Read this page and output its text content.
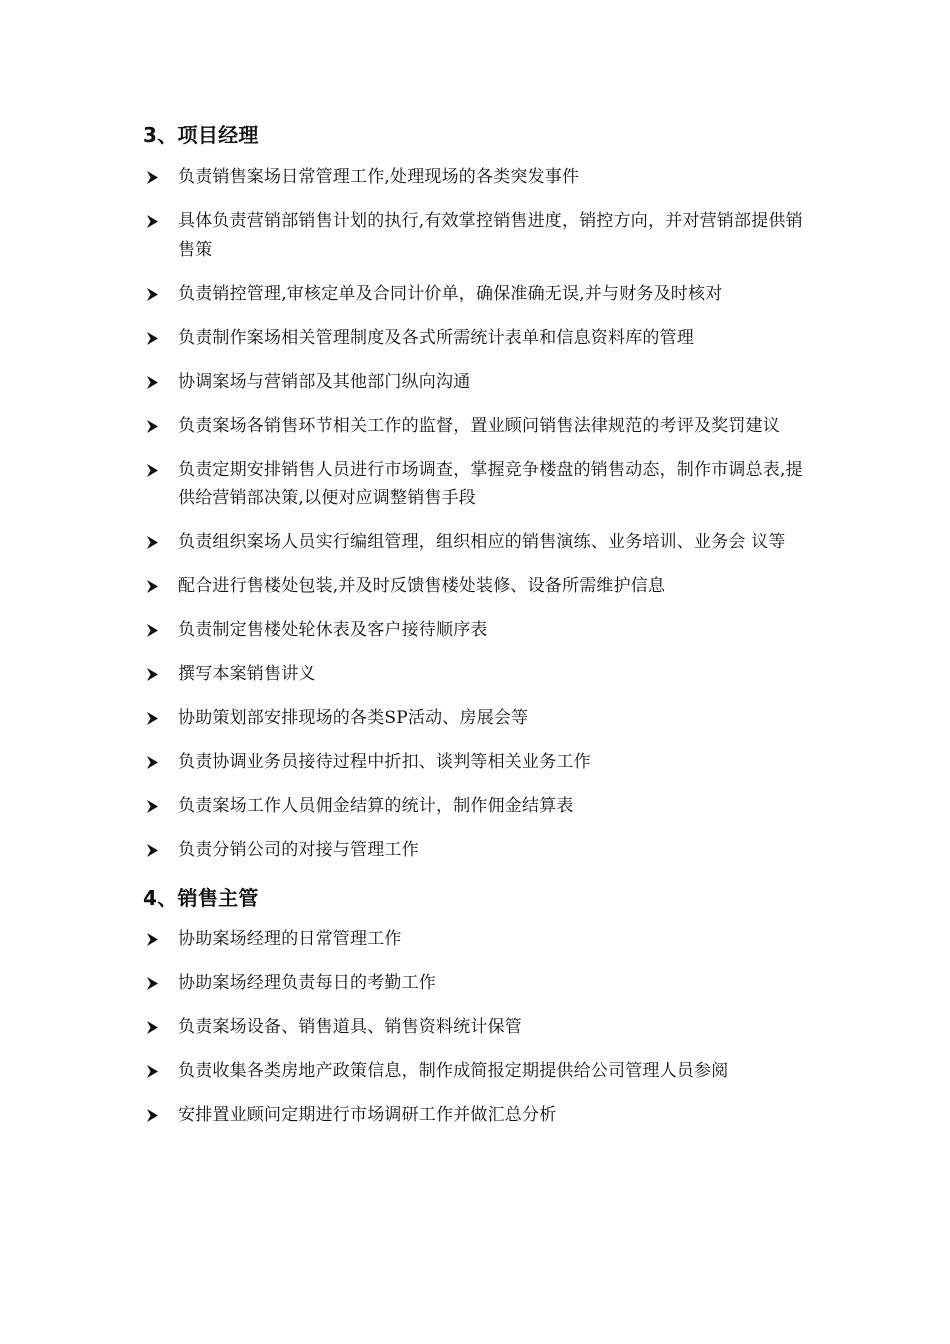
3、项目经理
负责销售案场日常管理工作,处理现场的各类突发事件
具体负责营销部销售计划的执行,有效掌控销售进度，销控方向，并对营销部提供销售策
负责销控管理,审核定单及合同计价单，确保准确无误,并与财务及时核对
负责制作案场相关管理制度及各式所需统计表单和信息资料库的管理
协调案场与营销部及其他部门纵向沟通
负责案场各销售环节相关工作的监督，置业顾问销售法律规范的考评及奖罚建议
负责定期安排销售人员进行市场调查，掌握竞争楼盘的销售动态，制作市调总表,提供给营销部决策,以便对应调整销售手段
负责组织案场人员实行编组管理，组织相应的销售演练、业务培训、业务会 议等
配合进行售楼处包装,并及时反馈售楼处装修、设备所需维护信息
负责制定售楼处轮休表及客户接待顺序表
撰写本案销售讲义
协助策划部安排现场的各类SP活动、房展会等
负责协调业务员接待过程中折扣、谈判等相关业务工作
负责案场工作人员佣金结算的统计，制作佣金结算表
负责分销公司的对接与管理工作
4、销售主管
协助案场经理的日常管理工作
协助案场经理负责每日的考勤工作
负责案场设备、销售道具、销售资料统计保管
负责收集各类房地产政策信息，制作成简报定期提供给公司管理人员参阅
安排置业顾问定期进行市场调研工作并做汇总分析
